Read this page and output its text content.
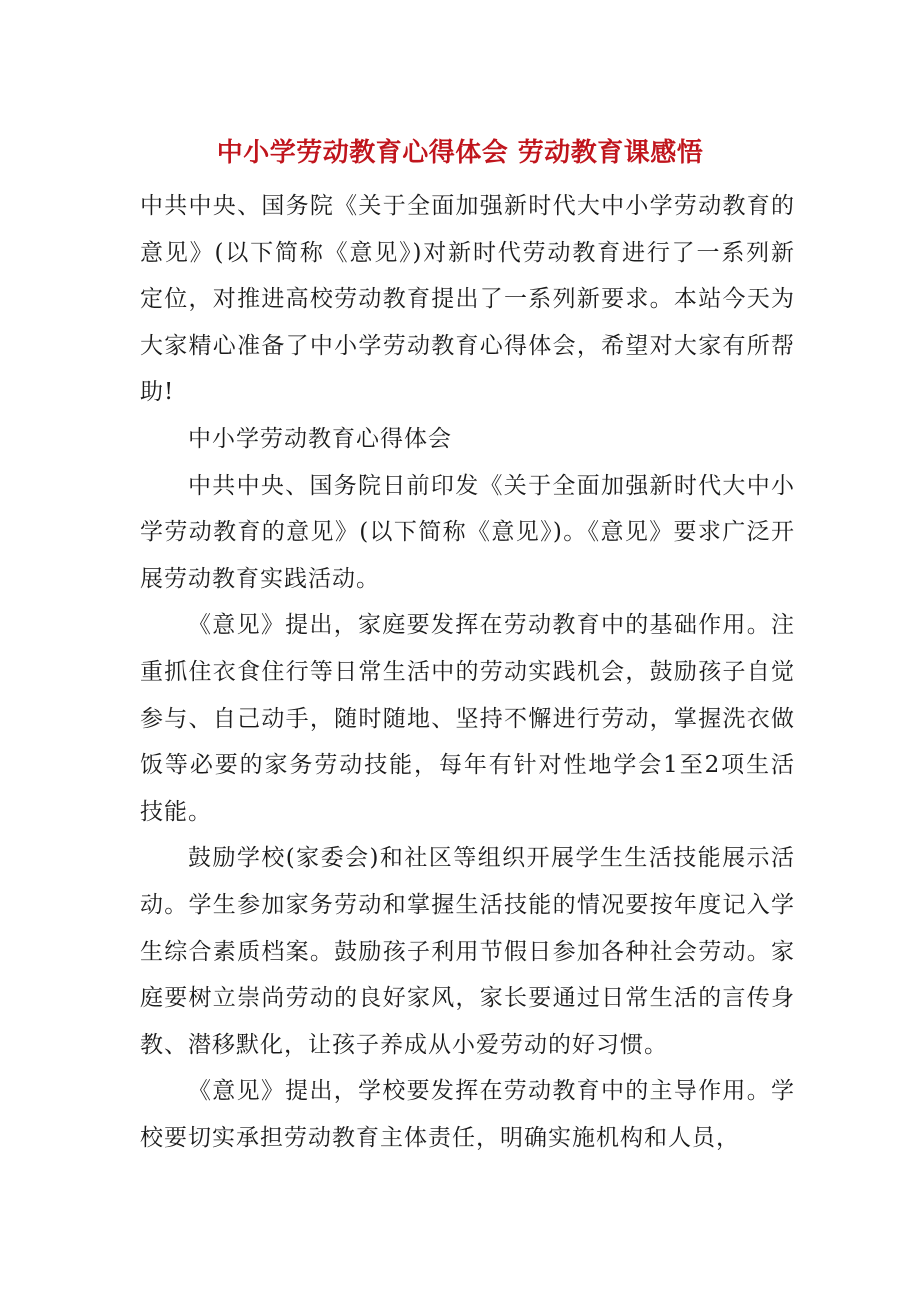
中小学劳动教育心得体会 劳动教育课感悟

中共中央、国务院《关于全面加强新时代大中小学劳动教育的意见》(以下简称《意见》)对新时代劳动教育进行了一系列新定位，对推进高校劳动教育提出了一系列新要求。本站今天为大家精心准备了中小学劳动教育心得体会，希望对大家有所帮助!

中小学劳动教育心得体会

中共中央、国务院日前印发《关于全面加强新时代大中小学劳动教育的意见》(以下简称《意见》)。《意见》要求广泛开展劳动教育实践活动。

《意见》提出，家庭要发挥在劳动教育中的基础作用。注重抓住衣食住行等日常生活中的劳动实践机会，鼓励孩子自觉参与、自己动手，随时随地、坚持不懈进行劳动，掌握洗衣做饭等必要的家务劳动技能，每年有针对性地学会1至2项生活技能。

鼓励学校(家委会)和社区等组织开展学生生活技能展示活动。学生参加家务劳动和掌握生活技能的情况要按年度记入学生综合素质档案。鼓励孩子利用节假日参加各种社会劳动。家庭要树立崇尚劳动的良好家风，家长要通过日常生活的言传身教、潜移默化，让孩子养成从小爱劳动的好习惯。

《意见》提出，学校要发挥在劳动教育中的主导作用。学校要切实承担劳动教育主体责任，明确实施机构和人员，
